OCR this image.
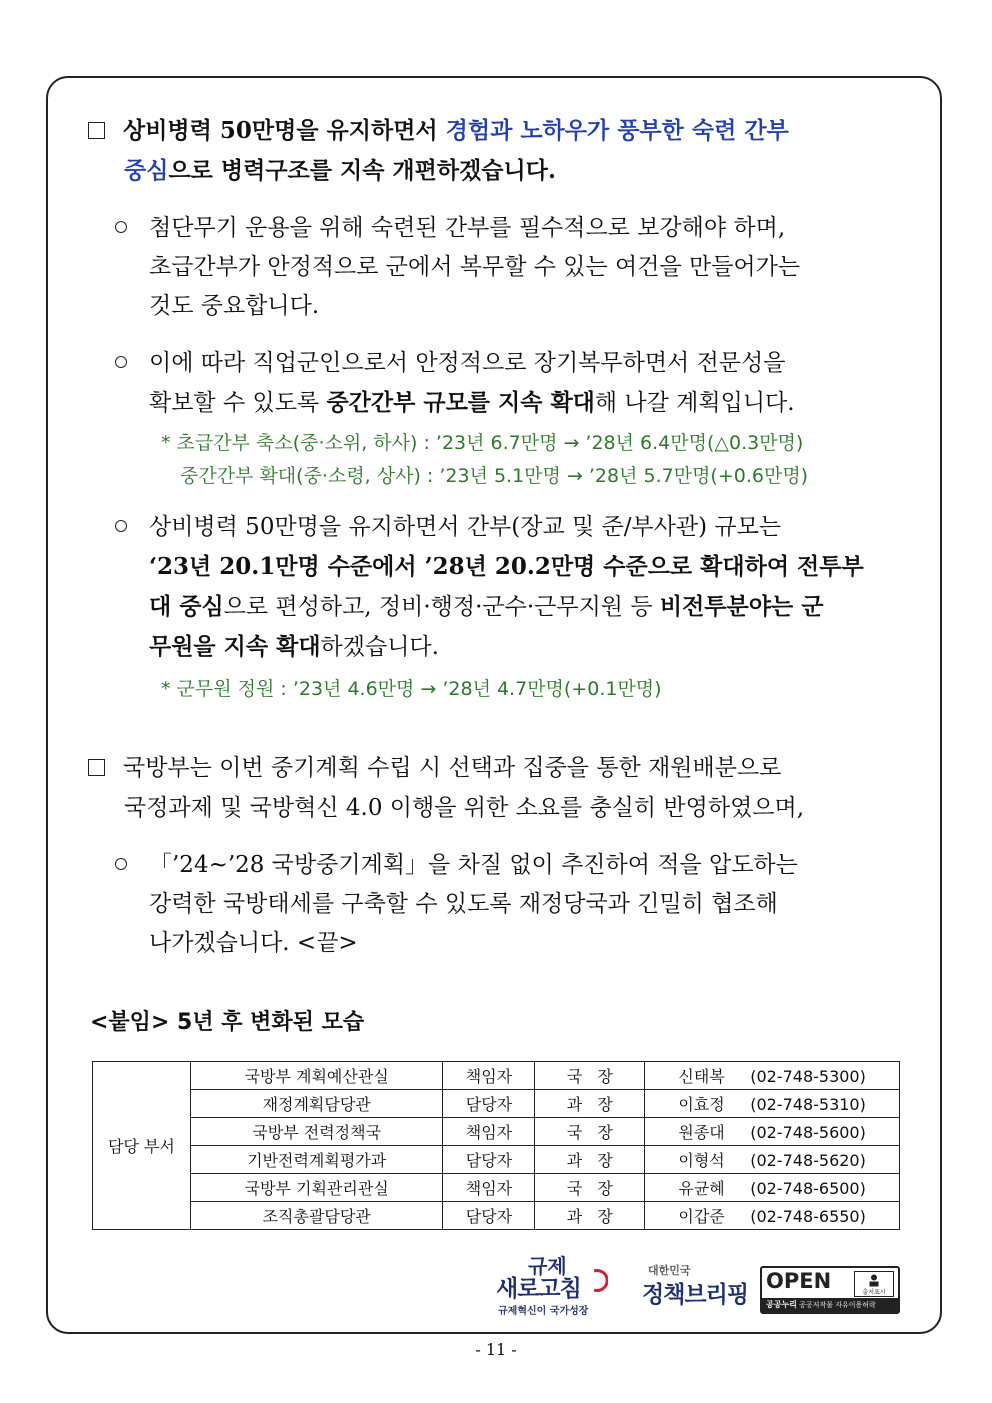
상비병력 50만명을 유지하면서 경험과 노하우가 풍부한 숙련 간부
중심으로 병력구조를 지속 개편하겠습니다.
첨단무기 운용을 위해 숙련된 간부를 필수적으로 보강해야 하며,
초급간부가 안정적으로 군에서 복무할 수 있는 여건을 만들어가는
것도 중요합니다.
이에 따라 직업군인으로서 안정적으로 장기복무하면서 전문성을
확보할 수 있도록 중간간부 규모를 지속 확대해 나갈 계획입니다.
* 초급간부 축소(중·소위, 하사) : ’23년 6.7만명 → ’28년 6.4만명(△0.3만명)
중간간부 확대(중·소령, 상사) : ’23년 5.1만명 → ’28년 5.7만명(+0.6만명)
상비병력 50만명을 유지하면서 간부(장교 및 준/부사관) 규모는
‘23년 20.1만명 수준에서 ’28년 20.2만명 수준으로 확대하여 전투부
대 중심으로 편성하고, 정비·행정·군수·근무지원 등 비전투분야는 군
무원을 지속 확대하겠습니다.
* 군무원 정원 : ’23년 4.6만명 → ’28년 4.7만명(+0.1만명)
국방부는 이번 중기계획 수립 시 선택과 집중을 통한 재원배분으로
국정과제 및 국방혁신 4.0 이행을 위한 소요를 충실히 반영하였으며,
「’24~’28 국방중기계획」을 차질 없이 추진하여 적을 압도하는
강력한 국방태세를 구축할 수 있도록 재정당국과 긴밀히 협조해
나가겠습니다. <끝>
<붙임> 5년 후 변화된 모습
담당 부서	국방부 계획예산관실	책임자	국   장	신태복 (02-748-5300)
	재정계획담당관	담당자	과   장	이효정 (02-748-5310)
	국방부 전력정책국	책임자	국   장	원종대 (02-748-5600)
	기반전력계획평가과	담당자	과   장	이형석 (02-748-5620)
	국방부 기획관리관실	책임자	국   장	유균혜 (02-748-6500)
	조직총괄담당관	담당자	과   장	이갑준 (02-748-6550)
규제
새로고침
규제혁신이 국가성장
대한민국
정책브리핑
OPEN	출처표시
공공누리 공공저작물 자유이용허락
- 11 -
